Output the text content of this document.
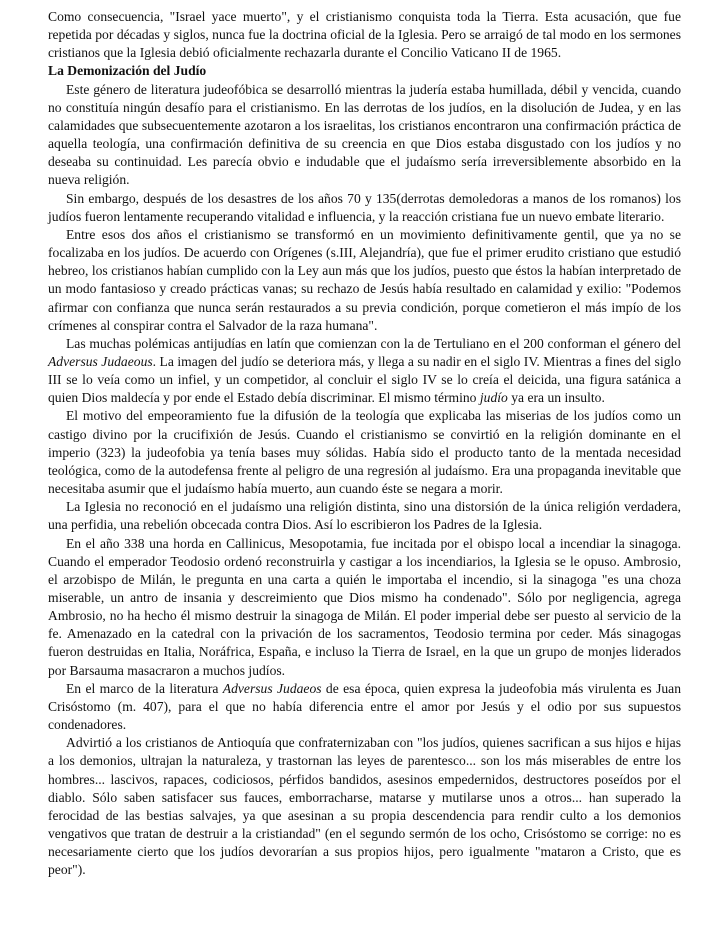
Como consecuencia, "Israel yace muerto", y el cristianismo conquista toda la Tierra. Esta acusación, que fue repetida por décadas y siglos, nunca fue la doctrina oficial de la Iglesia. Pero se arraigó de tal modo en los sermones cristianos que la Iglesia debió oficialmente rechazarla durante el Concilio Vaticano II de 1965.

La Demonización del Judío

Este género de literatura judeofóbica se desarrolló mientras la judería estaba humillada, débil y vencida, cuando no constituía ningún desafío para el cristianismo. En las derrotas de los judíos, en la disolución de Judea, y en las calamidades que subsecuentemente azotaron a los israelitas, los cristianos encontraron una confirmación práctica de aquella teología, una confirmación definitiva de su creencia en que Dios estaba disgustado con los judíos y no deseaba su continuidad. Les parecía obvio e indudable que el judaísmo sería irreversiblemente absorbido en la nueva religión.

Sin embargo, después de los desastres de los años 70 y 135(derrotas demoledoras a manos de los romanos) los judíos fueron lentamente recuperando vitalidad e influencia, y la reacción cristiana fue un nuevo embate literario.

Entre esos dos años el cristianismo se transformó en un movimiento definitivamente gentil, que ya no se focalizaba en los judíos. De acuerdo con Orígenes (s.III, Alejandría), que fue el primer erudito cristiano que estudió hebreo, los cristianos habían cumplido con la Ley aun más que los judíos, puesto que éstos la habían interpretado de un modo fantasioso y creado prácticas vanas; su rechazo de Jesús había resultado en calamidad y exilio: "Podemos afirmar con confianza que nunca serán restaurados a su previa condición, porque cometieron el más impío de los crímenes al conspirar contra el Salvador de la raza humana".

Las muchas polémicas antijudías en latín que comienzan con la de Tertuliano en el 200 conforman el género del Adversus Judaeous. La imagen del judío se deteriora más, y llega a su nadir en el siglo IV. Mientras a fines del siglo III se lo veía como un infiel, y un competidor, al concluir el siglo IV se lo creía el deicida, una figura satánica a quien Dios maldecía y por ende el Estado debía discriminar. El mismo término judío ya era un insulto.

El motivo del empeoramiento fue la difusión de la teología que explicaba las miserias de los judíos como un castigo divino por la crucifixión de Jesús. Cuando el cristianismo se convirtió en la religión dominante en el imperio (323) la judeofobia ya tenía bases muy sólidas. Había sido el producto tanto de la mentada necesidad teológica, como de la autodefensa frente al peligro de una regresión al judaísmo. Era una propaganda inevitable que necesitaba asumir que el judaísmo había muerto, aun cuando éste se negara a morir.

La Iglesia no reconoció en el judaísmo una religión distinta, sino una distorsión de la única religión verdadera, una perfidia, una rebelión obcecada contra Dios. Así lo escribieron los Padres de la Iglesia.

En el año 338 una horda en Callinicus, Mesopotamia, fue incitada por el obispo local a incendiar la sinagoga. Cuando el emperador Teodosio ordenó reconstruirla y castigar a los incendiarios, la Iglesia se le opuso. Ambrosio, el arzobispo de Milán, le pregunta en una carta a quién le importaba el incendio, si la sinagoga "es una choza miserable, un antro de insania y descreimiento que Dios mismo ha condenado". Sólo por negligencia, agrega Ambrosio, no ha hecho él mismo destruir la sinagoga de Milán. El poder imperial debe ser puesto al servicio de la fe. Amenazado en la catedral con la privación de los sacramentos, Teodosio termina por ceder. Más sinagogas fueron destruidas en Italia, Noráfrica, España, e incluso la Tierra de Israel, en la que un grupo de monjes liderados por Barsauma masacraron a muchos judíos.

En el marco de la literatura Adversus Judaeos de esa época, quien expresa la judeofobia más virulenta es Juan Crisóstomo (m. 407), para el que no había diferencia entre el amor por Jesús y el odio por sus supuestos condenadores.

Advirtió a los cristianos de Antioquía que confraternizaban con "los judíos, quienes sacrifican a sus hijos e hijas a los demonios, ultrajan la naturaleza, y trastornan las leyes de parentesco... son los más miserables de entre los hombres... lascivos, rapaces, codiciosos, pérfidos bandidos, asesinos empedernidos, destructores poseídos por el diablo. Sólo saben satisfacer sus fauces, emborracharse, matarse y mutilarse unos a otros... han superado la ferocidad de las bestias salvajes, ya que asesinan a su propia descendencia para rendir culto a los demonios vengativos que tratan de destruir a la cristiandad" (en el segundo sermón de los ocho, Crisóstomo se corrige: no es necesariamente cierto que los judíos devorarían a sus propios hijos, pero igualmente "mataron a Cristo, que es peor").
